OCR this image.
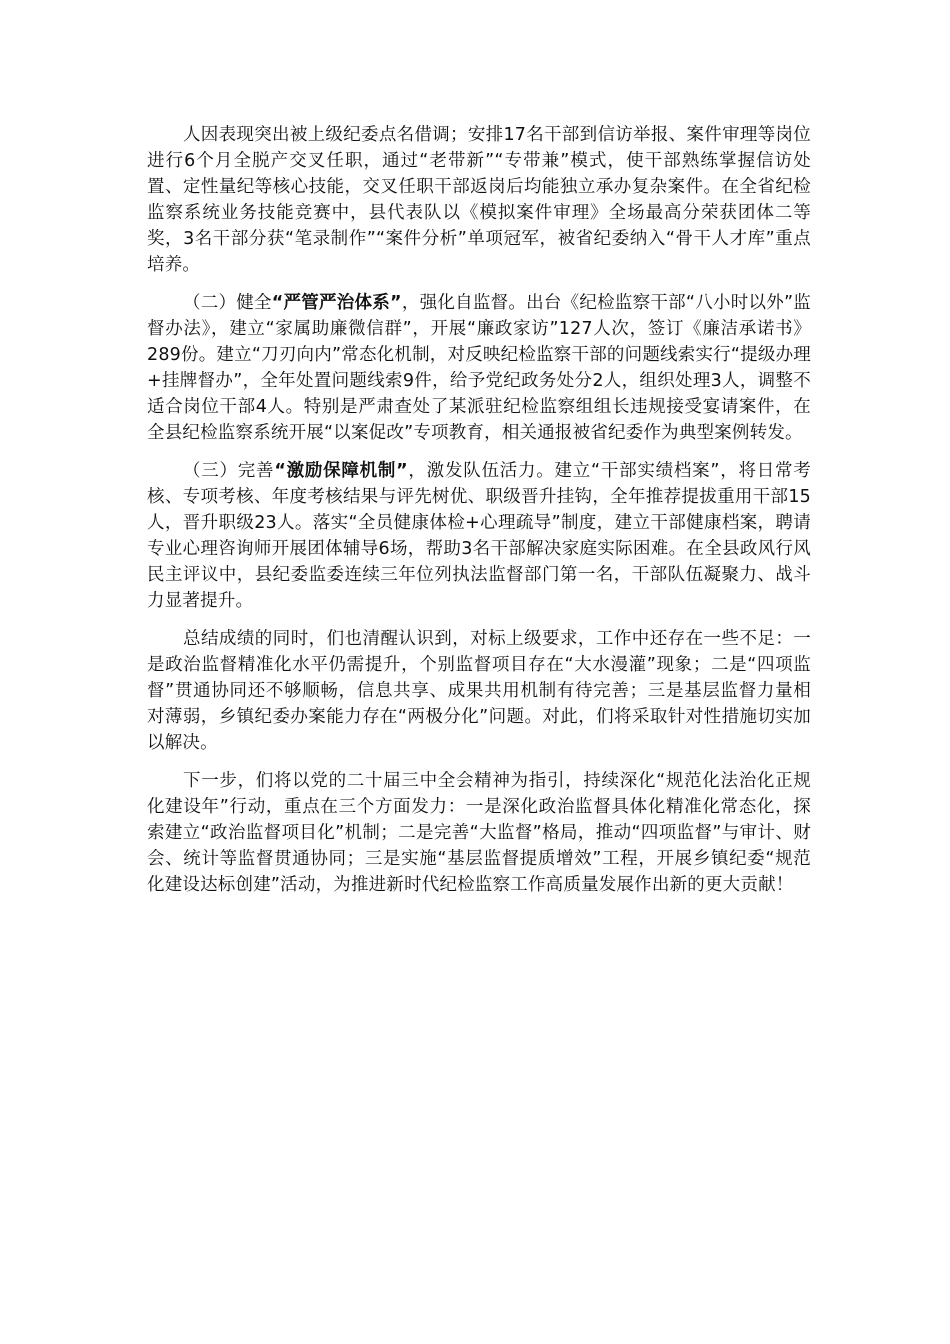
人因表现突出被上级纪委点名借调；安排17名干部到信访举报、案件审理等岗位进行6个月全脱产交叉任职，通过“老带新”“专带兼”模式，使干部熟练掌握信访处置、定性量纪等核心技能，交叉任职干部返岗后均能独立承办复杂案件。在全省纪检监察系统业务技能竞赛中，县代表队以《模拟案件审理》全场最高分荣获团体二等奖，3名干部分获“笔录制作”“案件分析”单项冠军，被省纪委纳入“骨干人才库”重点培养。

（二）健全“严管严治体系”，强化自监督。出台《纪检监察干部“八小时以外”监督办法》，建立“家属助廉微信群”，开展“廉政家访”127人次，签订《廉洁承诺书》289份。建立“刀刃向内”常态化机制，对反映纪检监察干部的问题线索实行“提级办理+挂牌督办”，全年处置问题线索9件，给予党纪政务处分2人，组织处理3人，调整不适合岗位干部4人。特别是严肃查处了某派驻纪检监察组组长违规接受宴请案件，在全县纪检监察系统开展“以案促改”专项教育，相关通报被省纪委作为典型案例转发。

（三）完善“激励保障机制”，激发队伍活力。建立“干部实绩档案”，将日常考核、专项考核、年度考核结果与评先树优、职级晋升挂钩，全年推荐提拔重用干部15人，晋升职级23人。落实“全员健康体检+心理疏导”制度，建立干部健康档案，聘请专业心理咨询师开展团体辅导6场，帮助3名干部解决家庭实际困难。在全县政风行风民主评议中，县纪委监委连续三年位列执法监督部门第一名，干部队伍凝聚力、战斗力显著提升。

总结成绩的同时，们也清醒认识到，对标上级要求，工作中还存在一些不足：一是政治监督精准化水平仍需提升，个别监督项目存在“大水漫灌”现象；二是“四项监督”贯通协同还不够顺畅，信息共享、成果共用机制有待完善；三是基层监督力量相对薄弱，乡镇纪委办案能力存在“两极分化”问题。对此，们将采取针对性措施切实加以解决。

下一步，们将以党的二十届三中全会精神为指引，持续深化“规范化法治化正规化建设年”行动，重点在三个方面发力：一是深化政治监督具体化精准化常态化，探索建立“政治监督项目化”机制；二是完善“大监督”格局，推动“四项监督”与审计、财会、统计等监督贯通协同；三是实施“基层监督提质增效”工程，开展乡镇纪委“规范化建设达标创建”活动，为推进新时代纪检监察工作高质量发展作出新的更大贡献！
